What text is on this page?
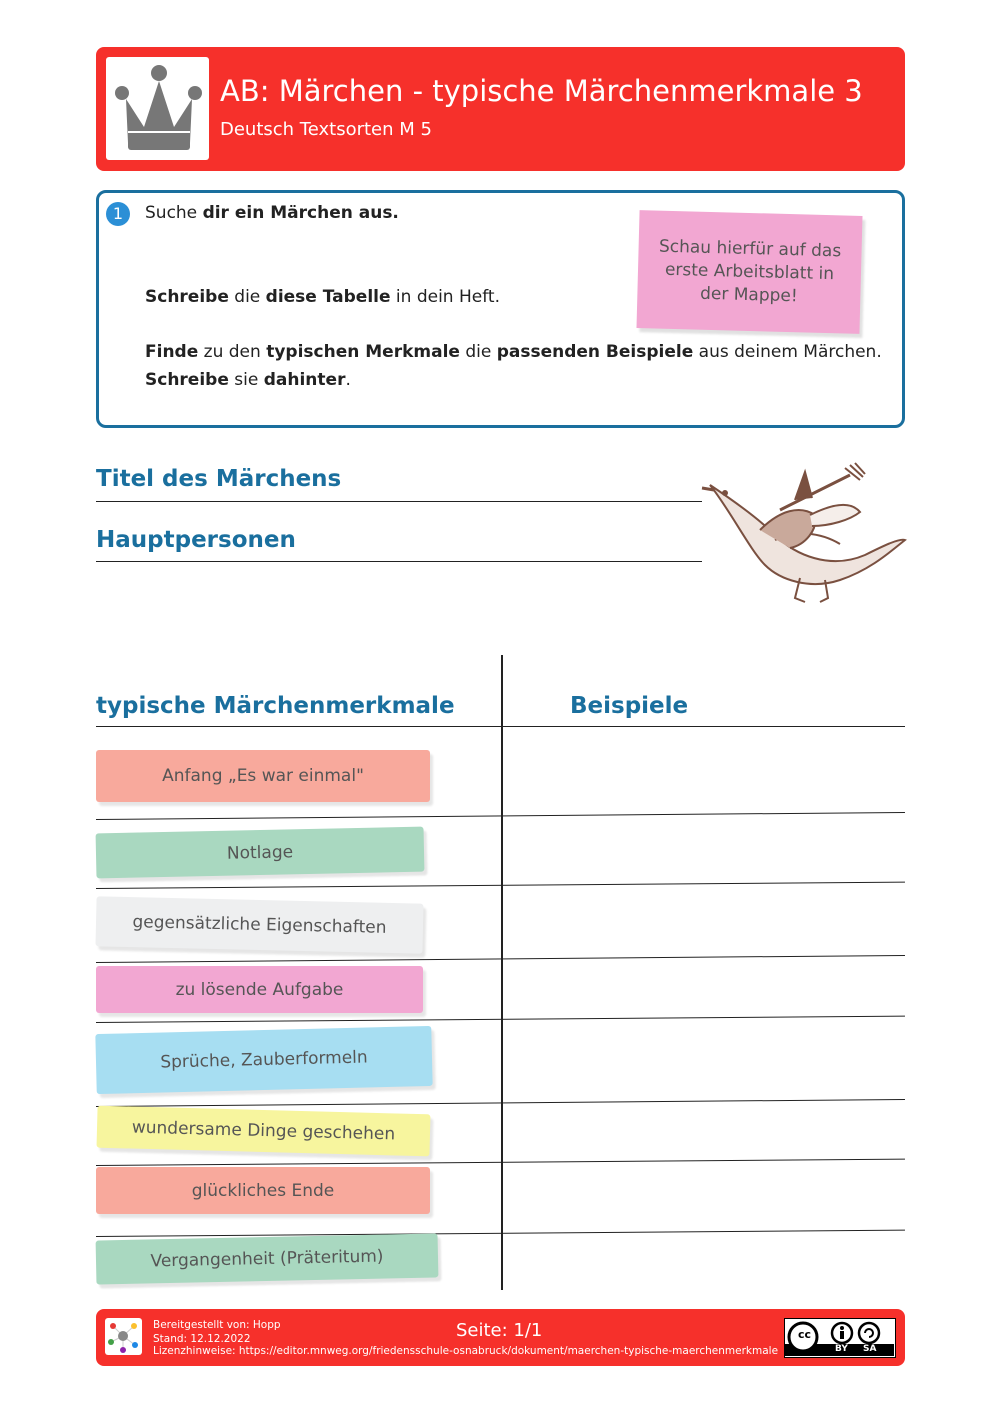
AB: Märchen - typische Märchenmerkmale 3
Deutsch Textsorten M 5
1	Suche dir ein Märchen aus.
Schreibe die diese Tabelle in dein Heft.
Finde zu den typischen Merkmale die passenden Beispiele aus deinem Märchen.
Schreibe sie dahinter.
Schau hierfür auf das erste Arbeitsblatt in der Mappe!
Titel des Märchens
Hauptpersonen
typische Märchenmerkmale	Beispiele
Anfang „Es war einmal"
Notlage
gegensätzliche Eigenschaften
zu lösende Aufgabe
Sprüche, Zauberformeln
wundersame Dinge geschehen
glückliches Ende
Vergangenheit (Präteritum)
Bereitgestellt von: Hopp
Stand: 12.12.2022
Lizenzhinweise: https://editor.mnweg.org/friedensschule-osnabruck/dokument/maerchen-typische-maerchenmerkmale
Seite: 1/1	cc
BY SA
